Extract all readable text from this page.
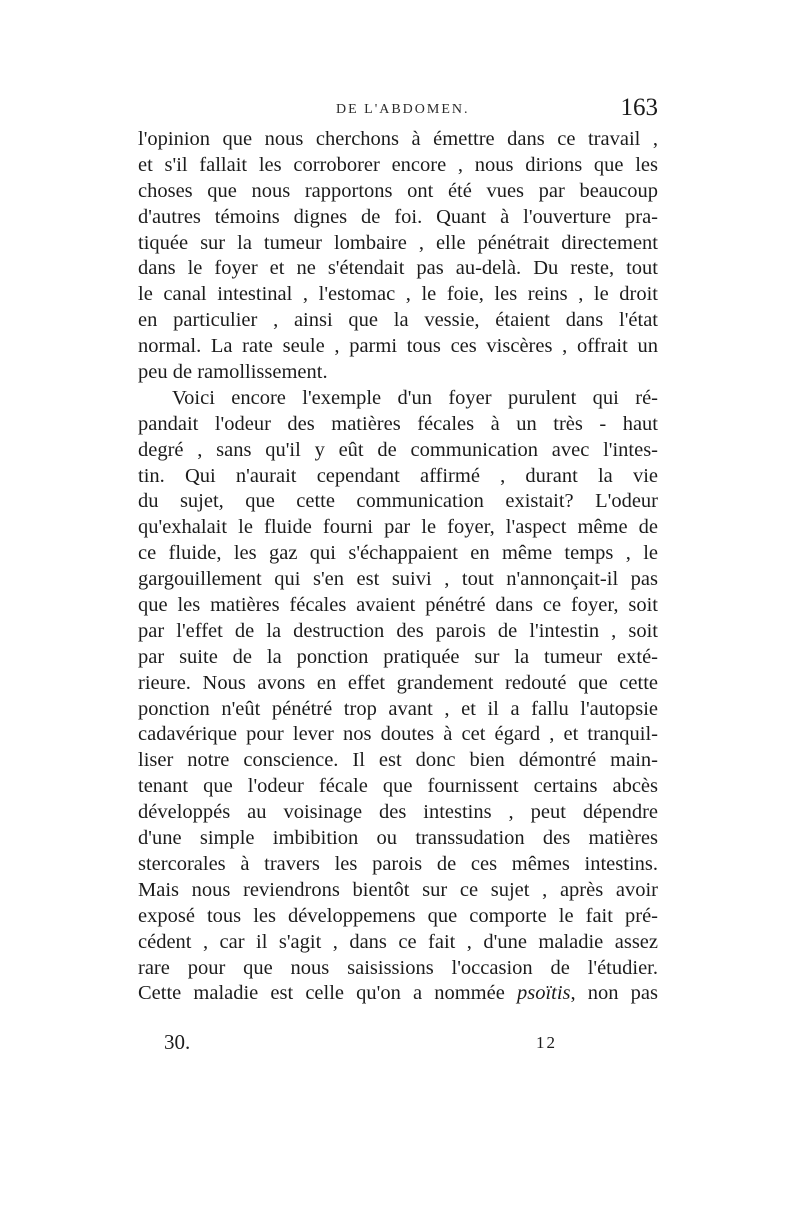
DE L'ABDOMEN.	163
l'opinion que nous cherchons à émettre dans ce travail ,
et s'il fallait les corroborer encore , nous dirions que les
choses que nous rapportons ont été vues par beaucoup
d'autres témoins dignes de foi. Quant à l'ouverture pra-
tiquée sur la tumeur lombaire , elle pénétrait directement
dans le foyer et ne s'étendait pas au-delà. Du reste, tout
le canal intestinal , l'estomac , le foie, les reins , le droit
en particulier , ainsi que la vessie, étaient dans l'état
normal. La rate seule , parmi tous ces viscères , offrait un
peu de ramollissement.
Voici encore l'exemple d'un foyer purulent qui ré-
pandait l'odeur des matières fécales à un très - haut
degré , sans qu'il y eût de communication avec l'intes-
tin. Qui n'aurait cependant affirmé , durant la vie
du sujet, que cette communication existait? L'odeur
qu'exhalait le fluide fourni par le foyer, l'aspect même de
ce fluide, les gaz qui s'échappaient en même temps , le
gargouillement qui s'en est suivi , tout n'annonçait-il pas
que les matières fécales avaient pénétré dans ce foyer, soit
par l'effet de la destruction des parois de l'intestin , soit
par suite de la ponction pratiquée sur la tumeur exté-
rieure. Nous avons en effet grandement redouté que cette
ponction n'eût pénétré trop avant , et il a fallu l'autopsie
cadavérique pour lever nos doutes à cet égard , et tranquil-
liser notre conscience. Il est donc bien démontré main-
tenant que l'odeur fécale que fournissent certains abcès
développés au voisinage des intestins , peut dépendre
d'une simple imbibition ou transsudation des matières
stercorales à travers les parois de ces mêmes intestins.
Mais nous reviendrons bientôt sur ce sujet , après avoir
exposé tous les développemens que comporte le fait pré-
cédent , car il s'agit , dans ce fait , d'une maladie assez
rare pour que nous saisissions l'occasion de l'étudier.
Cette maladie est celle qu'on a nommée psoïtis, non pas
30.	12
